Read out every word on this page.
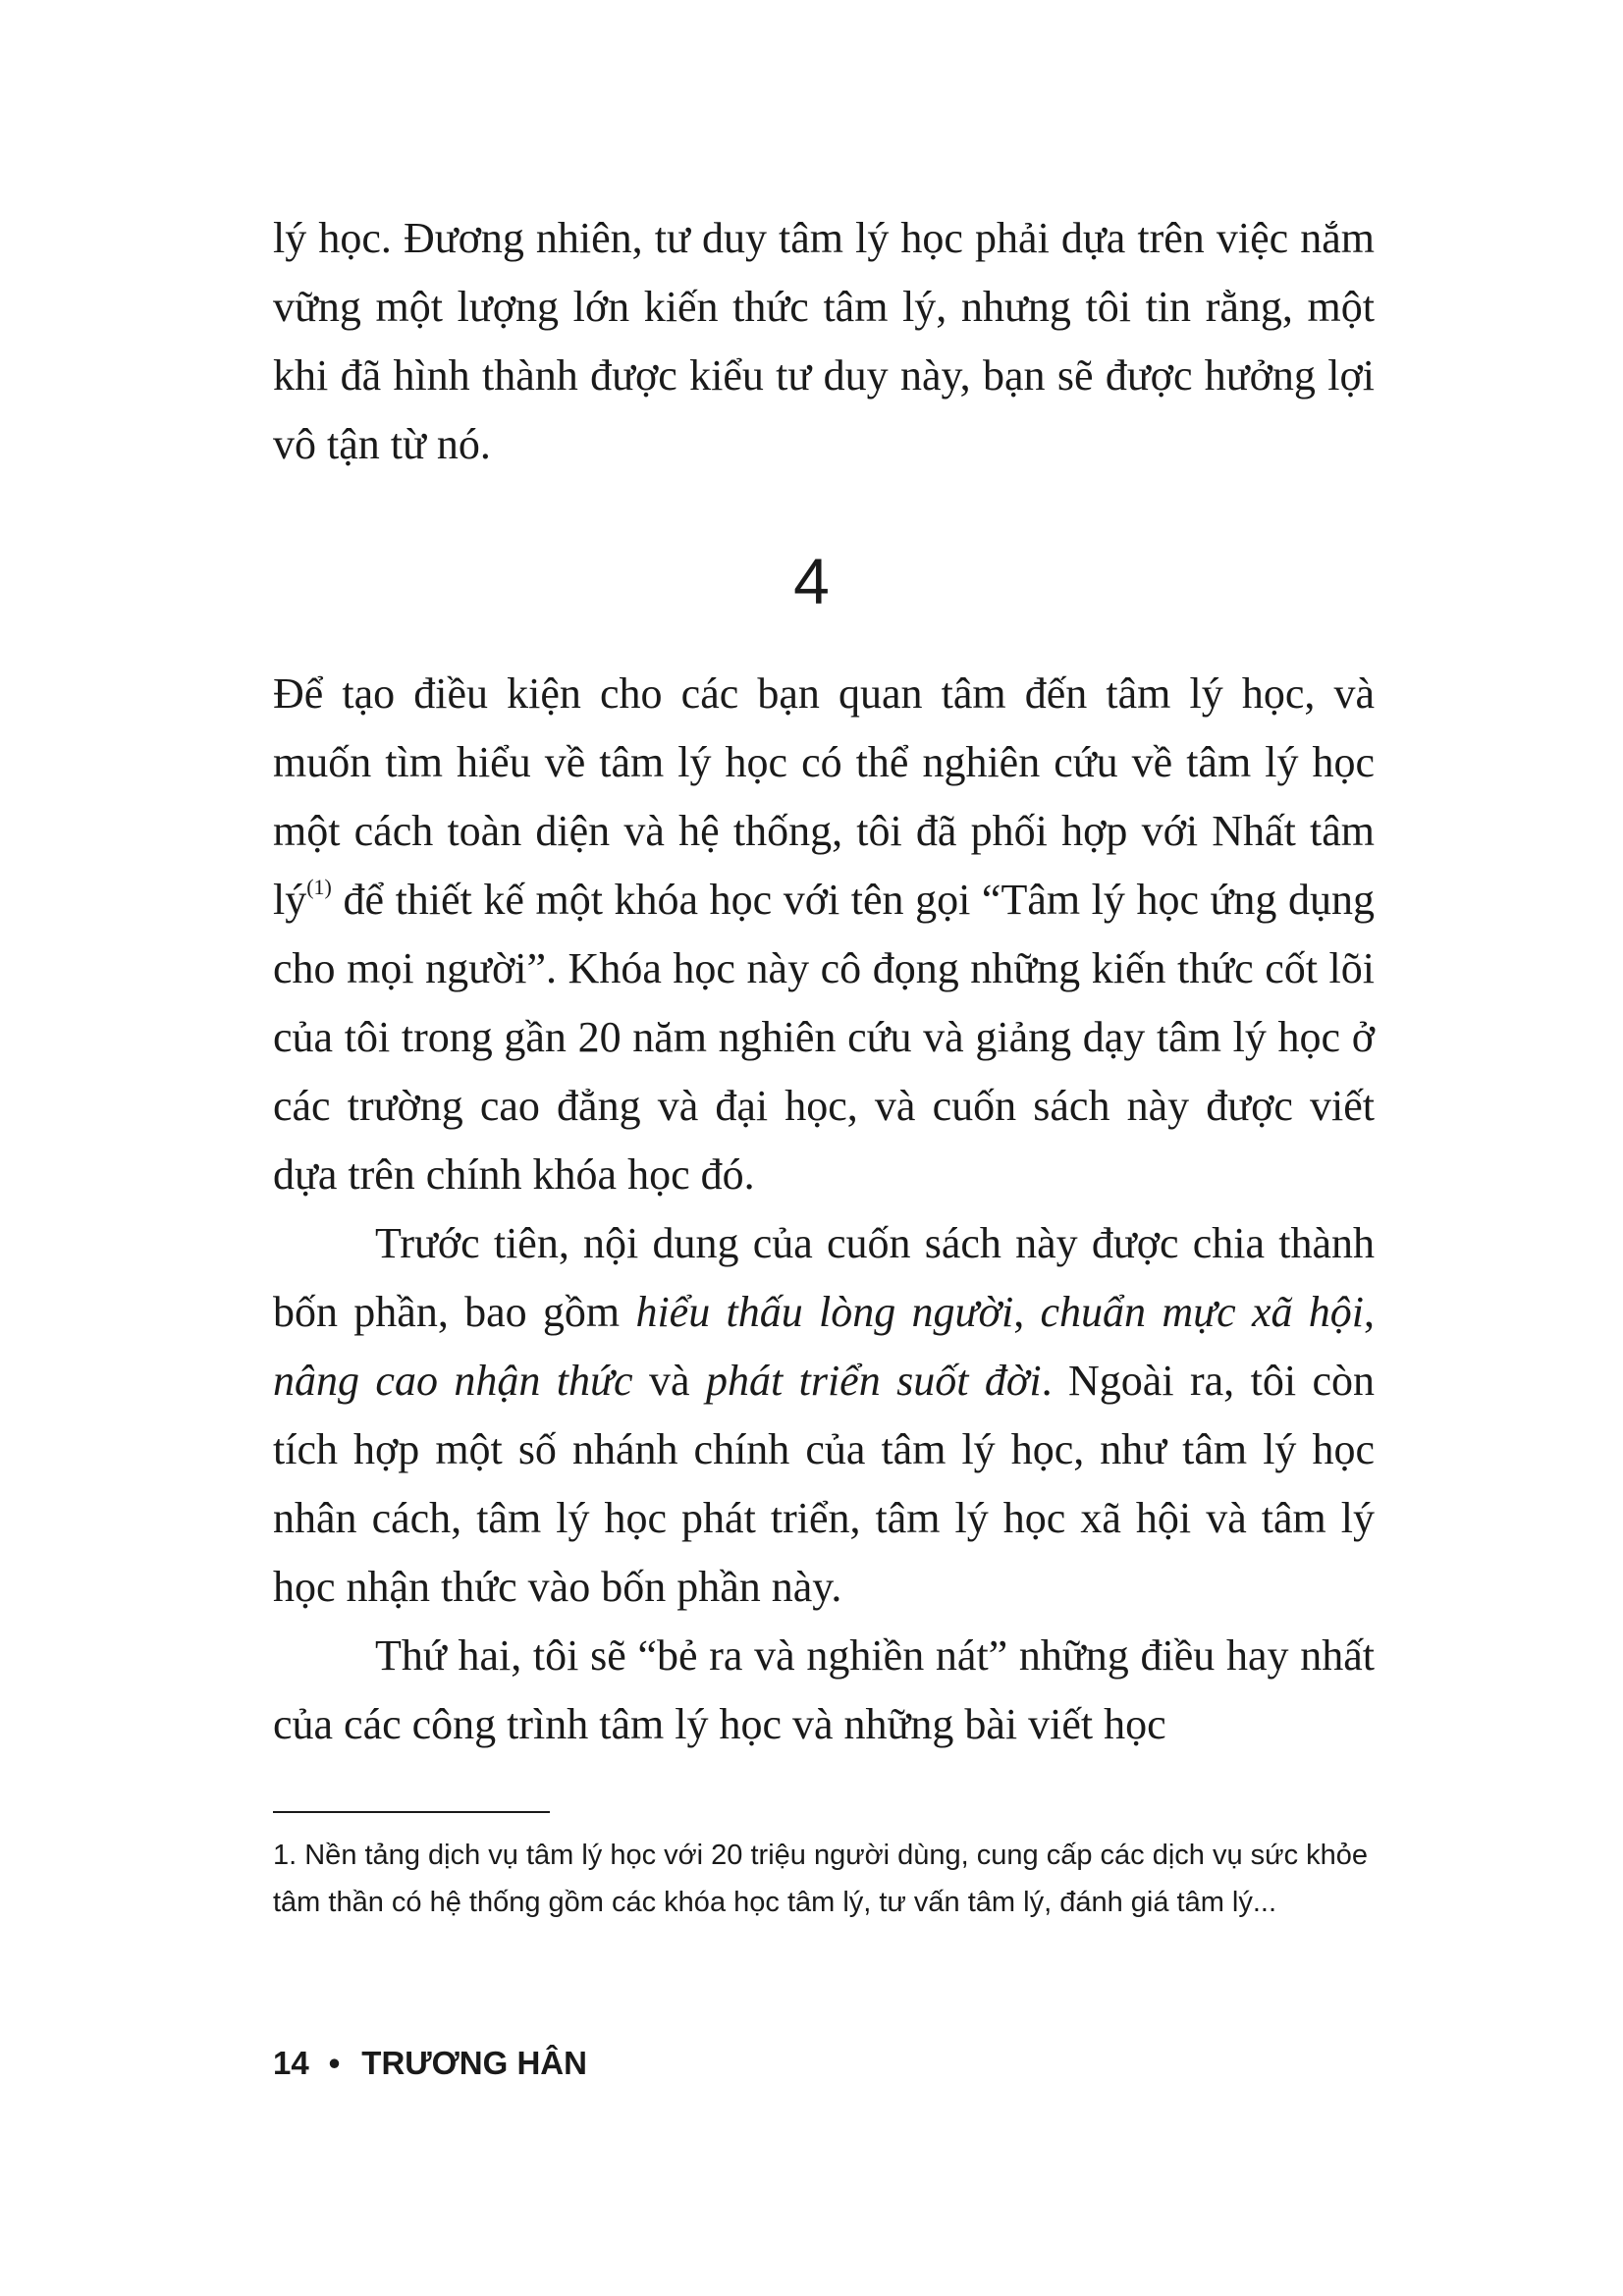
lý học. Đương nhiên, tư duy tâm lý học phải dựa trên việc nắm vững một lượng lớn kiến thức tâm lý, nhưng tôi tin rằng, một khi đã hình thành được kiểu tư duy này, bạn sẽ được hưởng lợi vô tận từ nó.

4

Để tạo điều kiện cho các bạn quan tâm đến tâm lý học, và muốn tìm hiểu về tâm lý học có thể nghiên cứu về tâm lý học một cách toàn diện và hệ thống, tôi đã phối hợp với Nhất tâm $lý^{(1)}$ để thiết kế một khóa học với tên gọi “Tâm lý học ứng dụng cho mọi người”. Khóa học này cô đọng những kiến thức cốt lõi của tôi trong gần 20 năm nghiên cứu và giảng dạy tâm lý học ở các trường cao đẳng và đại học, và cuốn sách này được viết dựa trên chính khóa học đó.

Trước tiên, nội dung của cuốn sách này được chia thành bốn phần, bao gồm hiểu thấu lòng người, chuẩn mực xã hội, nâng cao nhận thức và phát triển suốt đời. Ngoài ra, tôi còn tích hợp một số nhánh chính của tâm lý học, như tâm lý học nhân cách, tâm lý học phát triển, tâm lý học xã hội và tâm lý học nhận thức vào bốn phần này.

Thứ hai, tôi sẽ “bẻ ra và nghiền nát” những điều hay nhất của các công trình tâm lý học và những bài viết học

1. Nền tảng dịch vụ tâm lý học với 20 triệu người dùng, cung cấp các dịch vụ sức khỏe tâm thần có hệ thống gồm các khóa học tâm lý, tư vấn tâm lý, đánh giá tâm lý...

14 • TRƯƠNG HÂN
